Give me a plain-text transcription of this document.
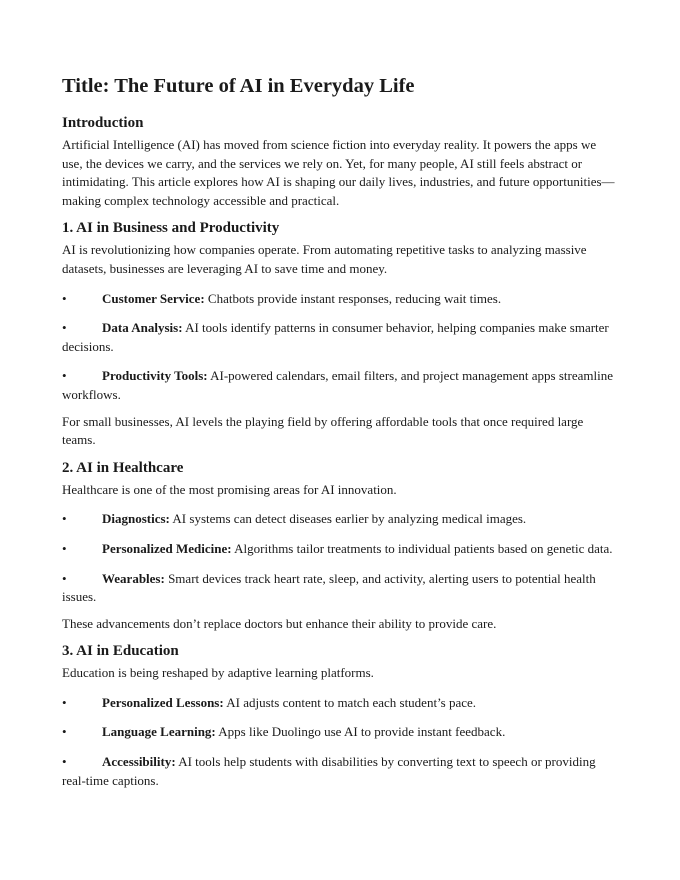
Title: The Future of AI in Everyday Life
Introduction

Artificial Intelligence (AI) has moved from science fiction into everyday reality. It powers the apps we use, the devices we carry, and the services we rely on. Yet, for many people, AI still feels abstract or intimidating. This article explores how AI is shaping our daily lives, industries, and future opportunities—making complex technology accessible and practical.

1. AI in Business and Productivity

AI is revolutionizing how companies operate. From automating repetitive tasks to analyzing massive datasets, businesses are leveraging AI to save time and money.

•	Customer Service: Chatbots provide instant responses, reducing wait times.

•	Data Analysis: AI tools identify patterns in consumer behavior, helping companies make smarter decisions.

•	Productivity Tools: AI-powered calendars, email filters, and project management apps streamline workflows.

For small businesses, AI levels the playing field by offering affordable tools that once required large teams.

2. AI in Healthcare

Healthcare is one of the most promising areas for AI innovation.

•	Diagnostics: AI systems can detect diseases earlier by analyzing medical images.

•	Personalized Medicine: Algorithms tailor treatments to individual patients based on genetic data.

•	Wearables: Smart devices track heart rate, sleep, and activity, alerting users to potential health issues.

These advancements don’t replace doctors but enhance their ability to provide care.

3. AI in Education

Education is being reshaped by adaptive learning platforms.

•	Personalized Lessons: AI adjusts content to match each student’s pace.

•	Language Learning: Apps like Duolingo use AI to provide instant feedback.

•	Accessibility: AI tools help students with disabilities by converting text to speech or providing real-time captions.
